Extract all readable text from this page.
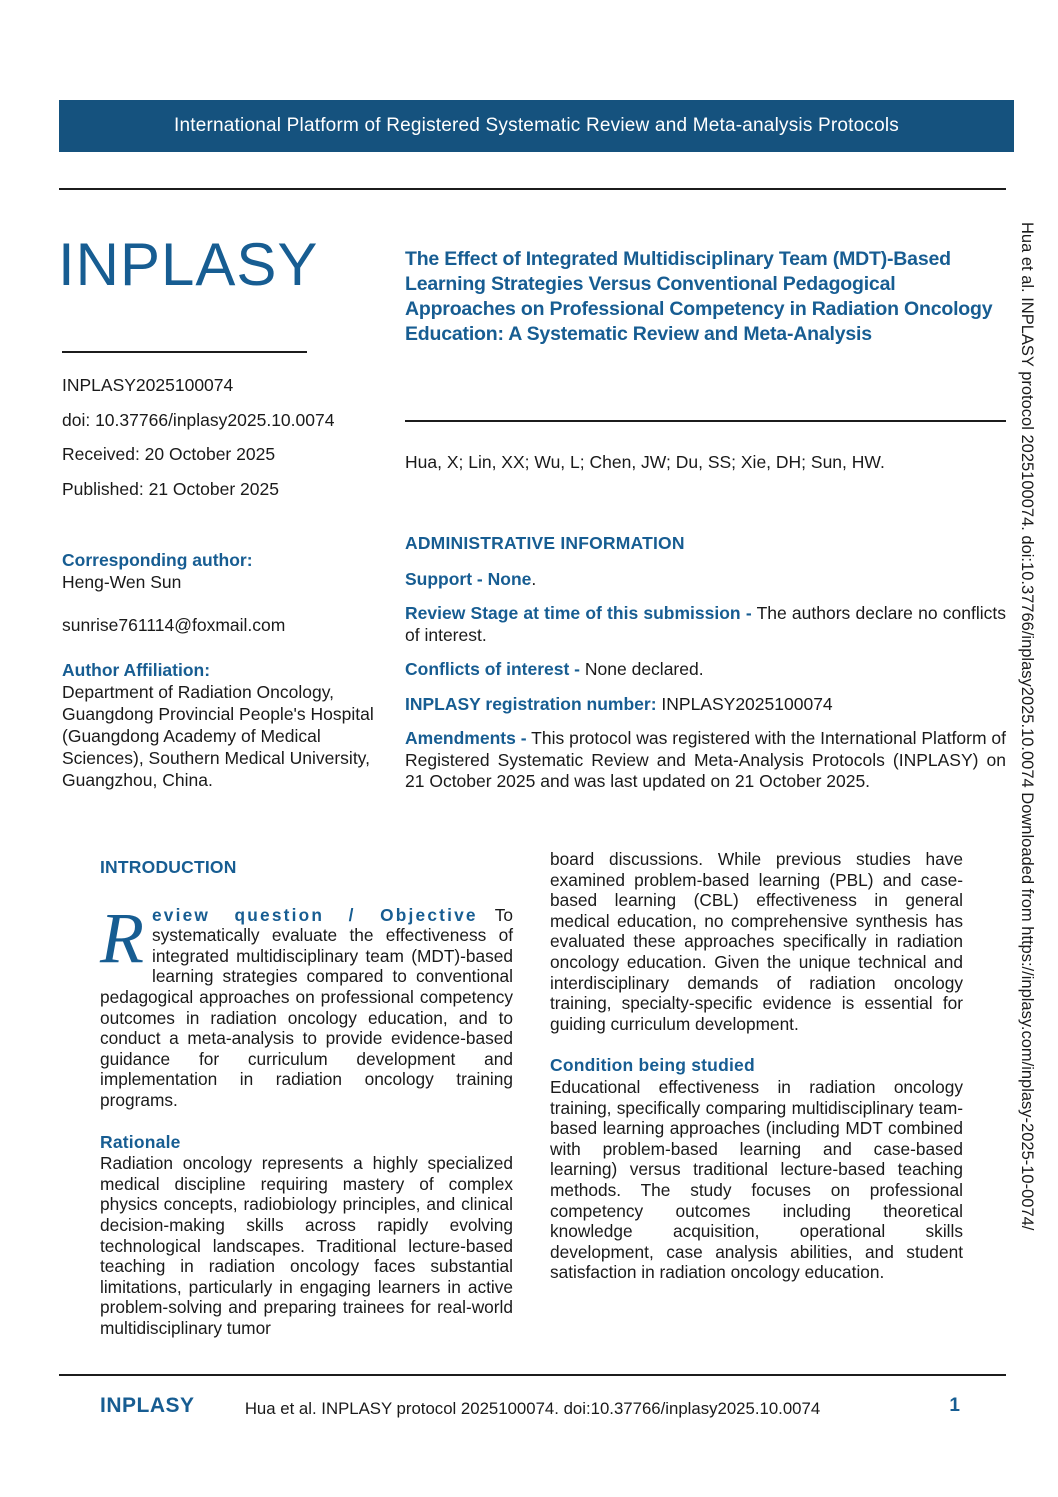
International Platform of Registered Systematic Review and Meta-analysis Protocols
INPLASY

INPLASY2025100074

doi: 10.37766/inplasy2025.10.0074

Received: 20 October 2025

Published: 21 October 2025

Corresponding author:
Heng-Wen Sun
sunrise761114@foxmail.com
Author Affiliation:
Department of Radiation Oncology, Guangdong Provincial People's Hospital (Guangdong Academy of Medical Sciences), Southern Medical University, Guangzhou, China.
The Effect of Integrated Multidisciplinary Team (MDT)-Based Learning Strategies Versus Conventional Pedagogical Approaches on Professional Competency in Radiation Oncology Education: A Systematic Review and Meta-Analysis
Hua, X; Lin, XX; Wu, L; Chen, JW; Du, SS; Xie, DH; Sun, HW.
ADMINISTRATIVE INFORMATION

Support - None.

Review Stage at time of this submission - The authors declare no conflicts of interest.

Conflicts of interest - None declared.

INPLASY registration number: INPLASY2025100074

Amendments - This protocol was registered with the International Platform of Registered Systematic Review and Meta-Analysis Protocols (INPLASY) on 21 October 2025 and was last updated on 21 October 2025.

INTRODUCTION

Review question / Objective To systematically evaluate the effectiveness of integrated multidisciplinary team (MDT)-based learning strategies compared to conventional pedagogical approaches on professional competency outcomes in radiation oncology education, and to conduct a meta-analysis to provide evidence-based guidance for curriculum development and implementation in radiation oncology training programs.

Rationale

Radiation oncology represents a highly specialized medical discipline requiring mastery of complex physics concepts, radiobiology principles, and clinical decision-making skills across rapidly evolving technological landscapes. Traditional lecture-based teaching in radiation oncology faces substantial limitations, particularly in engaging learners in active problem-solving and preparing trainees for real-world multidisciplinary tumor

board discussions. While previous studies have examined problem-based learning (PBL) and case-based learning (CBL) effectiveness in general medical education, no comprehensive synthesis has evaluated these approaches specifically in radiation oncology education. Given the unique technical and interdisciplinary demands of radiation oncology training, specialty-specific evidence is essential for guiding curriculum development.

Condition being studied

Educational effectiveness in radiation oncology training, specifically comparing multidisciplinary team-based learning approaches (including MDT combined with problem-based learning and case-based learning) versus traditional lecture-based teaching methods. The study focuses on professional competency outcomes including theoretical knowledge acquisition, operational skills development, case analysis abilities, and student satisfaction in radiation oncology education.

Hua et al. INPLASY protocol 2025100074. doi:10.37766/inplasy2025.10.0074 Downloaded from https://inplasy.com/inplasy-2025-10-0074/
INPLASY	Hua et al. INPLASY protocol 2025100074. doi:10.37766/inplasy2025.10.0074	1
